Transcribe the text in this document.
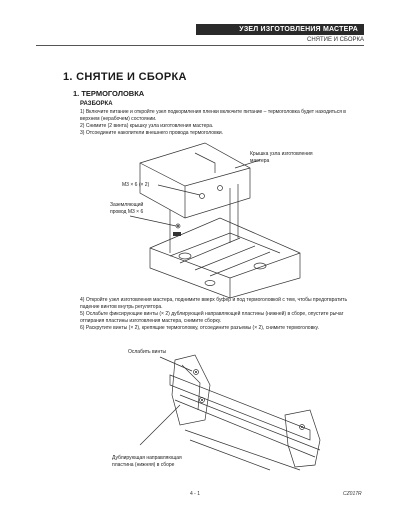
УЗЕЛ ИЗГОТОВЛЕНИЯ МАСТЕРА
СНЯТИЕ И СБОРКА
1. СНЯТИЕ И СБОРКА
1. ТЕРМОГОЛОВКА
РАЗБОРКА
1) Включите питание и откройте узел подкормления пленки включите питание – термоголовка будет находиться в верхнем (нерабочем) состоянии.
2) Снимите (2 винта) крышку узла изготовления мастера.
3) Отсоедините накопители внешнего провода термоголовки.
Крышка узла изготовления мастера
M3 × 6 (× 2)
Заземляющий провод M3 × 6
4) Откройте узел изготовления мастера, поднимите вверх буфер и под термоголовкой с тем, чтобы предотвратить падение винтов внутрь регулятора.
5) Ослабьте фиксирующие винты (× 2) дублирующей направляющей пластины (нижней) в сборе, опустите рычаг отпирания пластины изготовления мастера, снимите сборку.
6) Раскрутите винты (× 2), крепящие термоголовку, отсоедините разъемы (× 2), снимите термоголовку.
Ослабить винты
Дублирующая направляющая пластина (нижняя) в сборе
4 - 1	CZ017R
